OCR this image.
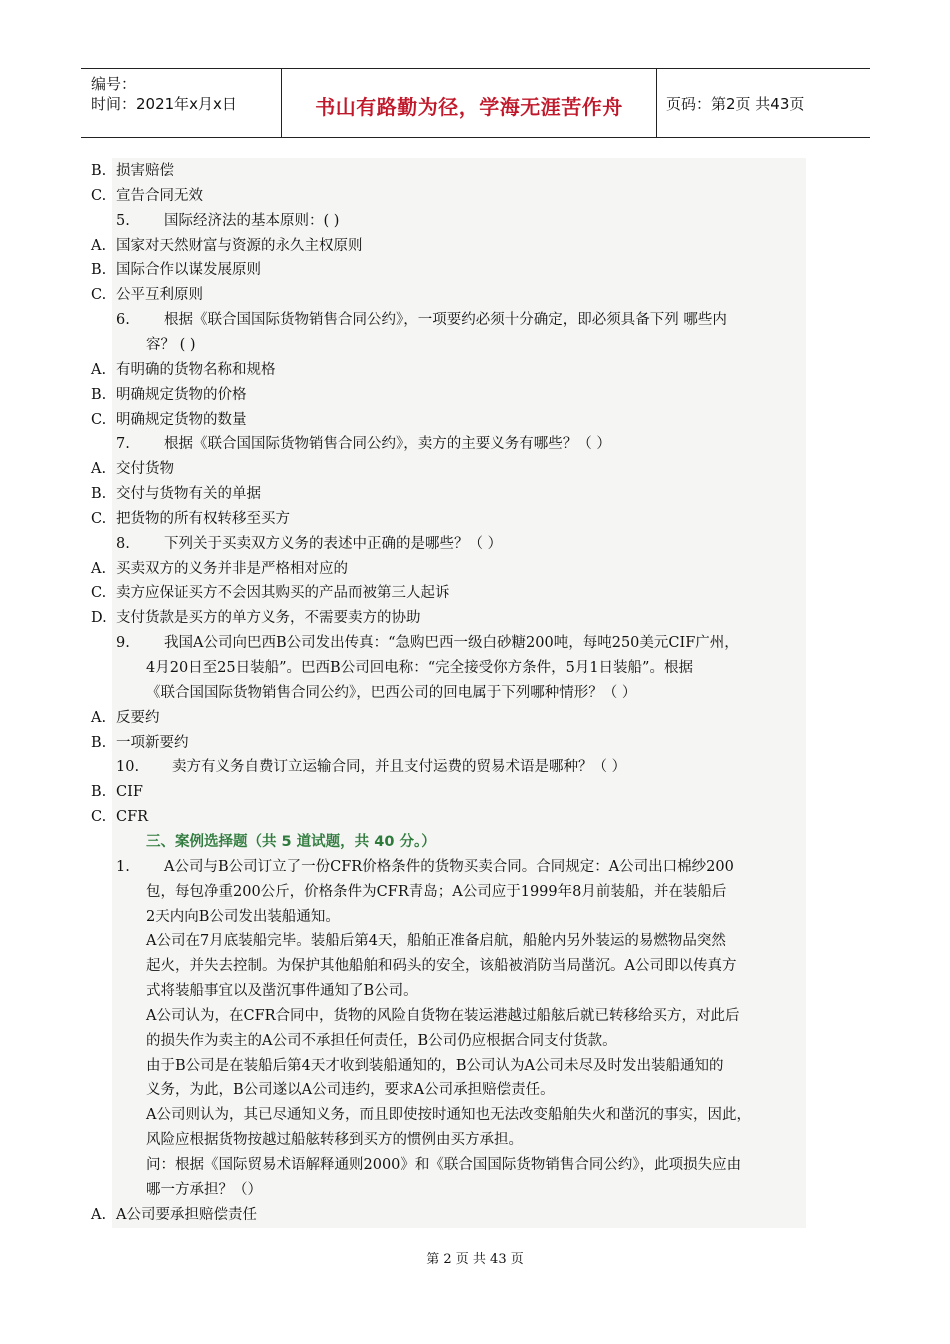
编号：
时间：2021年x月x日	书山有路勤为径，学海无涯苦作舟	页码：第2页 共43页
B. 损害赔偿
C. 宣告合同无效
5. 国际经济法的基本原则：( )
A. 国家对天然财富与资源的永久主权原则
B. 国际合作以谋发展原则
C. 公平互利原则
6. 根据《联合国国际货物销售合同公约》，一项要约必须十分确定，即必须具备下列 哪些内
容？ ( )
A. 有明确的货物名称和规格
B. 明确规定货物的价格
C. 明确规定货物的数量
7. 根据《联合国国际货物销售合同公约》，卖方的主要义务有哪些？（ ）
A. 交付货物
B. 交付与货物有关的单据
C. 把货物的所有权转移至买方
8. 下列关于买卖双方义务的表述中正确的是哪些？（ ）
A. 买卖双方的义务并非是严格相对应的
C. 卖方应保证买方不会因其购买的产品而被第三人起诉
D. 支付货款是买方的单方义务，不需要卖方的协助
9. 我国A公司向巴西B公司发出传真：“急购巴西一级白砂糖200吨，每吨250美元CIF广州，
4月20日至25日装船”。巴西B公司回电称：“完全接受你方条件，5月1日装船”。根据
《联合国国际货物销售合同公约》，巴西公司的回电属于下列哪种情形？（ ）
A. 反要约
B. 一项新要约
10. 卖方有义务自费订立运输合同，并且支付运费的贸易术语是哪种？（ ）
B. CIF
C. CFR
三、案例选择题（共 5 道试题，共 40 分。）
1. A公司与B公司订立了一份CFR价格条件的货物买卖合同。合同规定：A公司出口棉纱200
包，每包净重200公斤，价格条件为CFR青岛；A公司应于1999年8月前装船，并在装船后
2天内向B公司发出装船通知。
A公司在7月底装船完毕。装船后第4天，船舶正准备启航，船舱内另外装运的易燃物品突然
起火，并失去控制。为保护其他船舶和码头的安全，该船被消防当局凿沉。A公司即以传真方
式将装船事宜以及凿沉事件通知了B公司。
A公司认为，在CFR合同中，货物的风险自货物在装运港越过船舷后就已转移给买方，对此后
的损失作为卖主的A公司不承担任何责任，B公司仍应根据合同支付货款。
由于B公司是在装船后第4天才收到装船通知的，B公司认为A公司未尽及时发出装船通知的
义务，为此，B公司遂以A公司违约，要求A公司承担赔偿责任。
A公司则认为，其已尽通知义务，而且即使按时通知也无法改变船舶失火和凿沉的事实，因此，
风险应根据货物按越过船舷转移到买方的惯例由买方承担。
问：根据《国际贸易术语解释通则2000》和《联合国国际货物销售合同公约》，此项损失应由
哪一方承担？（）
A. A公司要承担赔偿责任
第 2 页 共 43 页
